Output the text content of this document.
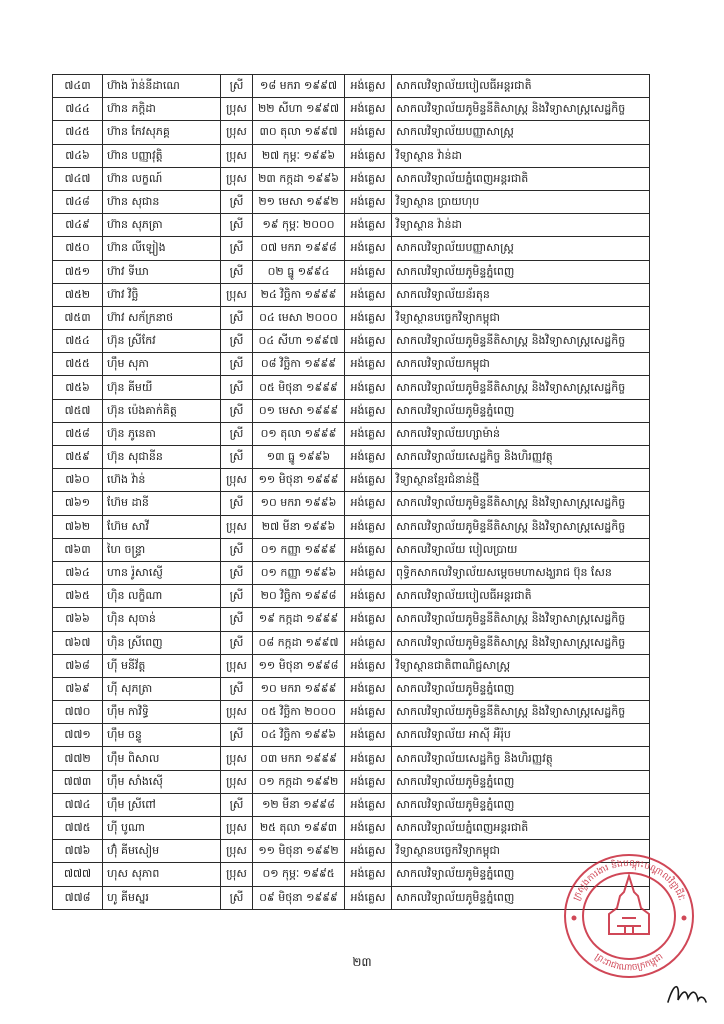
៧៤៣	ហ៊ាង រ៉ាន់នីដាណេ	ស្រី	១៨ មករា ១៩៩៧	អង់គ្លេស	សាកលវិទ្យាល័យបៀលធីអន្តរជាតិ
៧៤៤	ហ៊ាន ភក្តិដា	ប្រុស	២២ សីហា ១៩៩៧	អង់គ្លេស	សាកលវិទ្យាល័យភូមិន្ទនីតិសាស្ត្រ និងវិទ្យាសាស្ត្រសេដ្ឋកិច្ច
៧៤៥	ហ៊ាន កែវសុភគ្គ	ប្រុស	៣០ តុលា ១៩៩៧	អង់គ្លេស	សាកលវិទ្យាល័យបញ្ញាសាស្ត្រ
៧៤៦	ហ៊ាន បញ្ញាវុត្តិ	ប្រុស	២៧ កុម្ភៈ ១៩៩៦	អង់គ្លេស	វិទ្យាស្ថាន វ៉ាន់ដា
៧៤៧	ហ៊ាន លក្ខណ៍	ប្រុស	២៣ កក្កដា ១៩៩៦	អង់គ្លេស	សាកលវិទ្យាល័យភ្នំពេញអន្តរជាតិ
៧៤៨	ហ៊ាន សុជាន	ស្រី	២១ មេសា ១៩៩២	អង់គ្លេស	វិទ្យាស្ថាន ប្រាយហុប
៧៤៩	ហ៊ាន សុភត្រា	ស្រី	១៩ កុម្ភៈ ២០០០	អង់គ្លេស	វិទ្យាស្ថាន វ៉ាន់ដា
៧៥០	ហ៊ាន លីឡៀង	ស្រី	០៧ មករា ១៩៩៨	អង់គ្លេស	សាកលវិទ្យាល័យបញ្ញាសាស្ត្រ
៧៥១	ហ៊ាវ ទីឃា	ស្រី	០២ ធ្នូ ១៩៩៤	អង់គ្លេស	សាកលវិទ្យាល័យភូមិន្ទភ្នំពេញ
៧៥២	ហ៊ាវ វិច្ឆិ	ប្រុស	២៤ វិច្ឆិកា ១៩៩៩	អង់គ្លេស	សាកលវិទ្យាល័យន័រតុន
៧៥៣	ហ៊ាវ សក័ក្រនាថ	ស្រី	០៤ មេសា ២០០០	អង់គ្លេស	វិទ្យាស្ថានបច្ចេកវិទ្យាកម្ពុជា
៧៥៤	ហ៊ុន ស្រីកែវ	ស្រី	០៤ សីហា ១៩៩៧	អង់គ្លេស	សាកលវិទ្យាល័យភូមិន្ទនីតិសាស្ត្រ និងវិទ្យាសាស្ត្រសេដ្ឋកិច្ច
៧៥៥	ហ៊ឹម សុភា	ស្រី	០៨ វិច្ឆិកា ១៩៩៩	អង់គ្លេស	សាកលវិទ្យាល័យកម្ពុជា
៧៥៦	ហ៊ុន គីមយី	ស្រី	០៥ មិថុនា ១៩៩៩	អង់គ្លេស	សាកលវិទ្យាល័យភូមិន្ទនីតិសាស្ត្រ និងវិទ្យាសាស្ត្រសេដ្ឋកិច្ច
៧៥៧	ហ៊ុន ប៉េងគាក់គិត្ត	ស្រី	០១ មេសា ១៩៩៩	អង់គ្លេស	សាកលវិទ្យាល័យភូមិន្ទភ្នំពេញ
៧៥៨	ហ៊ុន ភូនេតា	ស្រី	០១ តុលា ១៩៩៩	អង់គ្លេស	សាកលវិទ្យាល័យហ្សាម៉ាន់
៧៥៩	ហ៊ុន សុជានីន	ស្រី	១៣ ធ្នូ ១៩៩៦	អង់គ្លេស	សាកលវិទ្យាល័យសេដ្ឋកិច្ច និងហិរញ្ញវត្ថុ
៧៦០	ហ៊េង វ៉ាន់	ប្រុស	១១ មិថុនា ១៩៩៩	អង់គ្លេស	វិទ្យាស្ថានខ្មែរជំនាន់ថ្មី
៧៦១	ហ៊ែម ដានី	ស្រី	១០ មករា ១៩៩៦	អង់គ្លេស	សាកលវិទ្យាល័យភូមិន្ទនីតិសាស្ត្រ និងវិទ្យាសាស្ត្រសេដ្ឋកិច្ច
៧៦២	ហ៊ែម សាវី	ប្រុស	២៧ មីនា ១៩៩៦	អង់គ្លេស	សាកលវិទ្យាល័យភូមិន្ទនីតិសាស្ត្រ និងវិទ្យាសាស្ត្រសេដ្ឋកិច្ច
៧៦៣	ហៃ ចន្ទ្រា	ស្រី	០១ កញ្ញា ១៩៩៩	អង់គ្លេស	សាកលវិទ្យាល័យ បៀលប្រាយ
៧៦៤	ហាន រ៉ូសាស្ញើ	ស្រី	០១ កញ្ញា ១៩៩៦	អង់គ្លេស	ពុទ្ធិកសាកលវិទ្យាល័យសម្តេចមហាសង្ឃរាជ ប៊ុន សែន
៧៦៥	ហ៊ិន លក្ខិណា	ស្រី	២០ វិច្ឆិកា ១៩៩៨	អង់គ្លេស	សាកលវិទ្យាល័យបៀលធីអន្តរជាតិ
៧៦៦	ហ៊ិន សុចាន់	ស្រី	១៩ កក្កដា ១៩៩៩	អង់គ្លេស	សាកលវិទ្យាល័យភូមិន្ទនីតិសាស្ត្រ និងវិទ្យាសាស្ត្រសេដ្ឋកិច្ច
៧៦៧	ហ៊ិន ស្រីពេញ	ស្រី	០៨ កក្កដា ១៩៩៧	អង់គ្លេស	សាកលវិទ្យាល័យភូមិន្ទនីតិសាស្ត្រ និងវិទ្យាសាស្ត្រសេដ្ឋកិច្ច
៧៦៨	ហ៊ី មនីវ័ត្ត	ប្រុស	១១ មិថុនា ១៩៩៨	អង់គ្លេស	វិទ្យាស្ថានជាតិពាណិជ្ជសាស្ត្រ
៧៦៩	ហ៊ី សុភត្រា	ស្រី	១០ មករា ១៩៩៩	អង់គ្លេស	សាកលវិទ្យាល័យភូមិន្ទភ្នំពេញ
៧៧០	ហ៊ឹម កាវិទ្ធិ	ប្រុស	០៥ វិច្ឆិកា ២០០០	អង់គ្លេស	សាកលវិទ្យាល័យភូមិន្ទនីតិសាស្ត្រ និងវិទ្យាសាស្ត្រសេដ្ឋកិច្ច
៧៧១	ហ៊ឹម ចន្ទូ	ស្រី	០៤ វិច្ឆិកា ១៩៩៦	អង់គ្លេស	សាកលវិទ្យាល័យ អាស៊ី អឺរ៉ុប
៧៧២	ហ៊ឹម ពិសាល	ប្រុស	០៣ មករា ១៩៩៩	អង់គ្លេស	សាកលវិទ្យាល័យសេដ្ឋកិច្ច និងហិរញ្ញវត្ថុ
៧៧៣	ហ៊ឹម សាំងស៊ើ	ប្រុស	០១ កក្កដា ១៩៩២	អង់គ្លេស	សាកលវិទ្យាល័យភូមិន្ទភ្នំពេញ
៧៧៤	ហ៊ឹម ស្រីពៅ	ស្រី	១២ មីនា ១៩៩៨	អង់គ្លេស	សាកលវិទ្យាល័យភូមិន្ទភ្នំពេញ
៧៧៥	ហ៊ី បូណា	ប្រុស	២៥ តុលា ១៩៩៣	អង់គ្លេស	សាកលវិទ្យាល័យភ្នំពេញអន្តរជាតិ
៧៧៦	ហ៊ុំ គីមសៀម	ប្រុស	១១ មិថុនា ១៩៩២	អង់គ្លេស	វិទ្យាស្ថានបច្ចេកវិទ្យាកម្ពុជា
៧៧៧	ហុស សុភាព	ប្រុស	០១ កុម្ភៈ ១៩៩៥	អង់គ្លេស	សាកលវិទ្យាល័យភូមិន្ទភ្នំពេញ
៧៧៨	ហូ គីមស្នរ	ស្រី	០៩ មិថុនា ១៩៩៩	អង់គ្លេស	សាកលវិទ្យាល័យភូមិន្ទភ្នំពេញ
២៣
ក្រសួងការងារ និងបណ្តុះបណ្តាលវិជ្ជាជីវៈ
ព្រះរាជាណាចក្រកម្ពុជា
